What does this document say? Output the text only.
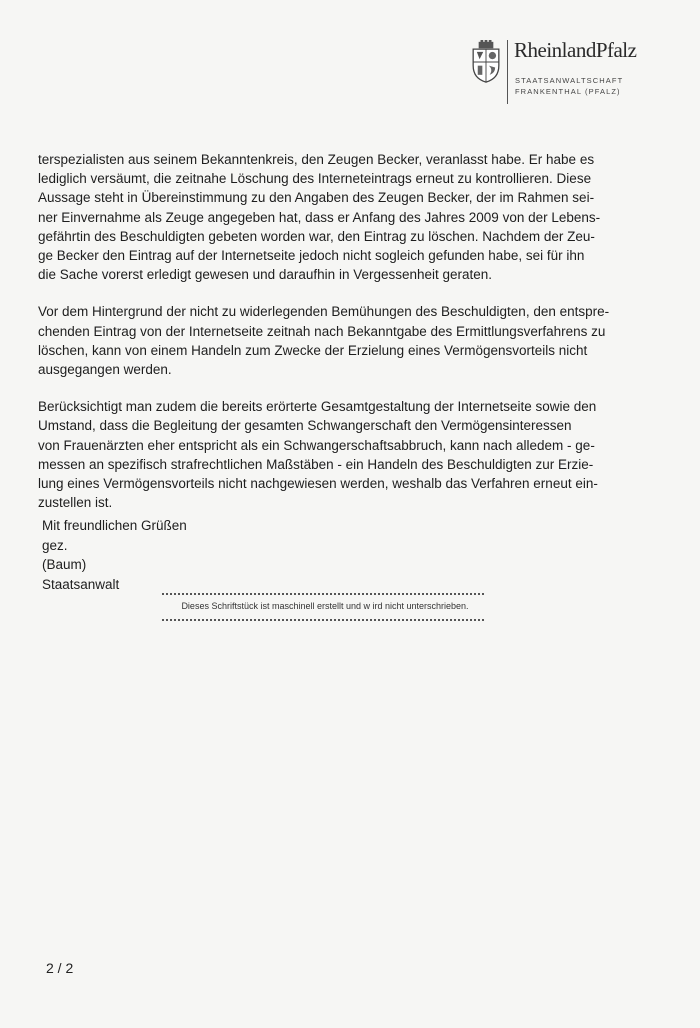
RheinlandPfalz
STAATSANWALTSCHAFT
FRANKENTHAL (PFALZ)

terspezialisten aus seinem Bekanntenkreis, den Zeugen Becker, veranlasst habe. Er habe es
lediglich versäumt, die zeitnahe Löschung des Interneteintrags erneut zu kontrollieren. Diese
Aussage steht in Übereinstimmung zu den Angaben des Zeugen Becker, der im Rahmen sei-
ner Einvernahme als Zeuge angegeben hat, dass er Anfang des Jahres 2009 von der Lebens-
gefährtin des Beschuldigten gebeten worden war, den Eintrag zu löschen. Nachdem der Zeu-
ge Becker den Eintrag auf der Internetseite jedoch nicht sogleich gefunden habe, sei für ihn
die Sache vorerst erledigt gewesen und daraufhin in Vergessenheit geraten.

Vor dem Hintergrund der nicht zu widerlegenden Bemühungen des Beschuldigten, den entspre-
chenden Eintrag von der Internetseite zeitnah nach Bekanntgabe des Ermittlungsverfahrens zu
löschen, kann von einem Handeln zum Zwecke der Erzielung eines Vermögensvorteils nicht
ausgegangen werden.

Berücksichtigt man zudem die bereits erörterte Gesamtgestaltung der Internetseite sowie den
Umstand, dass die Begleitung der gesamten Schwangerschaft den Vermögensinteressen
von Frauenärzten eher entspricht als ein Schwangerschaftsabbruch, kann nach alledem - ge-
messen an spezifisch strafrechtlichen Maßstäben - ein Handeln des Beschuldigten zur Erzie-
lung eines Vermögensvorteils nicht nachgewiesen werden, weshalb das Verfahren erneut ein-
zustellen ist.

Mit freundlichen Grüßen
gez.
(Baum)
Staatsanwalt
Dieses Schriftstück ist maschinell erstellt und w ird nicht unterschrieben.
2 / 2
